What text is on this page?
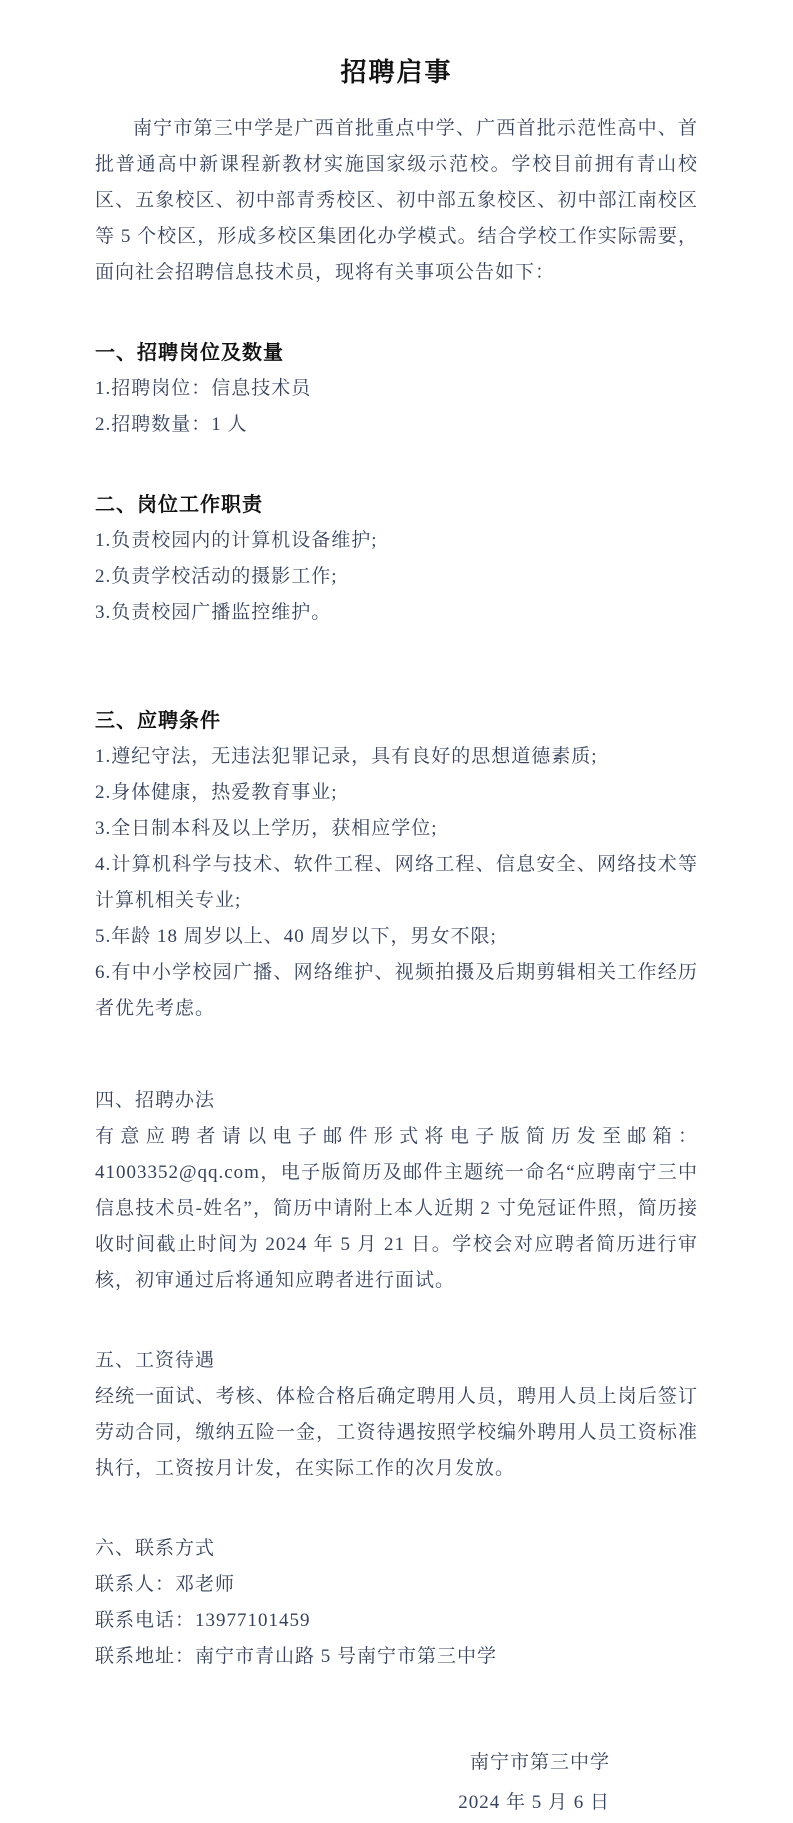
招聘启事

南宁市第三中学是广西首批重点中学、广西首批示范性高中、首批普通高中新课程新教材实施国家级示范校。学校目前拥有青山校区、五象校区、初中部青秀校区、初中部五象校区、初中部江南校区等 5 个校区，形成多校区集团化办学模式。结合学校工作实际需要，面向社会招聘信息技术员，现将有关事项公告如下：

一、招聘岗位及数量

1.招聘岗位：信息技术员

2.招聘数量：1 人

二、岗位工作职责

1.负责校园内的计算机设备维护;

2.负责学校活动的摄影工作;

3.负责校园广播监控维护。

三、应聘条件

1.遵纪守法，无违法犯罪记录，具有良好的思想道德素质;

2.身体健康，热爱教育事业;

3.全日制本科及以上学历，获相应学位;

4.计算机科学与技术、软件工程、网络工程、信息安全、网络技术等计算机相关专业;

5.年龄 18 周岁以上、40 周岁以下，男女不限;

6.有中小学校园广播、网络维护、视频拍摄及后期剪辑相关工作经历者优先考虑。

四、招聘办法

有意应聘者请以电子邮件形式将电子版简历发至邮箱：41003352@qq.com，电子版简历及邮件主题统一命名“应聘南宁三中信息技术员-姓名”，简历中请附上本人近期 2 寸免冠证件照，简历接收时间截止时间为 2024 年 5 月 21 日。学校会对应聘者简历进行审核，初审通过后将通知应聘者进行面试。

五、工资待遇

经统一面试、考核、体检合格后确定聘用人员，聘用人员上岗后签订劳动合同，缴纳五险一金，工资待遇按照学校编外聘用人员工资标准执行，工资按月计发，在实际工作的次月发放。

六、联系方式

联系人：邓老师

联系电话：13977101459

联系地址：南宁市青山路 5 号南宁市第三中学

南宁市第三中学

2024 年 5 月 6 日
